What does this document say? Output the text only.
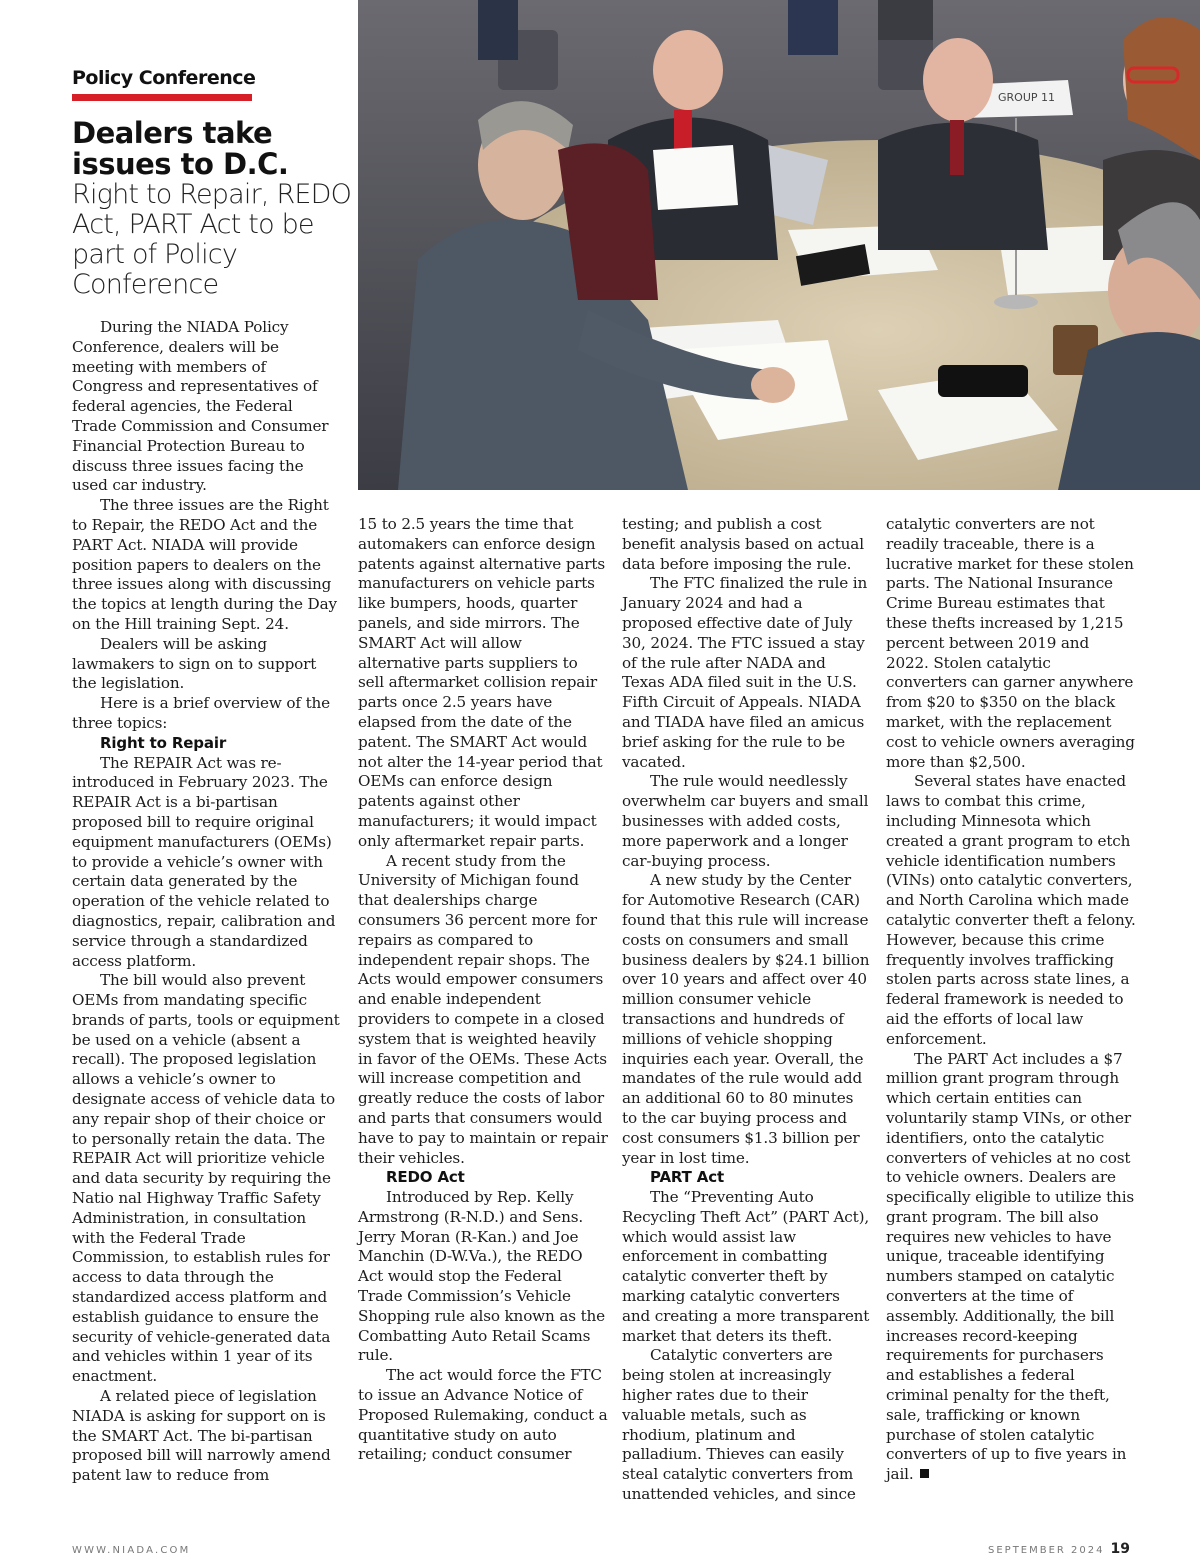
Policy Conference
Dealers take issues to D.C.
Right to Repair, REDO Act, PART Act to be part of Policy Conference
GROUP 11

During the NIADA Policy Conference, dealers will be meeting with members of Congress and representatives of federal agencies, the Federal Trade Commission and Consumer Financial Protection Bureau to discuss three issues facing the used car industry.

The three issues are the Right to Repair, the REDO Act and the PART Act. NIADA will provide position papers to dealers on the three issues along with discussing the topics at length during the Day on the Hill training Sept. 24.

Dealers will be asking lawmakers to sign on to support the legislation.

Here is a brief overview of the three topics:

Right to Repair

The REPAIR Act was re-introduced in February 2023. The REPAIR Act is a bi-partisan proposed bill to require original equipment manufacturers (OEMs) to provide a vehicle’s owner with certain data generated by the operation of the vehicle related to diagnostics, repair, calibration and service through a standardized access platform.

The bill would also prevent OEMs from mandating specific brands of parts, tools or equipment be used on a vehicle (absent a recall). The proposed legislation allows a vehicle’s owner to designate access of vehicle data to any repair shop of their choice or to personally retain the data. The REPAIR Act will prioritize vehicle and data security by requiring the Natio nal Highway Traffic Safety Administration, in consultation with the Federal Trade Commission, to establish rules for access to data through the standardized access platform and establish guidance to ensure the security of vehicle-generated data and vehicles within 1 year of its enactment.

A related piece of legislation NIADA is asking for support on is the SMART Act. The bi-partisan proposed bill will narrowly amend patent law to reduce from

15 to 2.5 years the time that automakers can enforce design patents against alternative parts manufacturers on vehicle parts like bumpers, hoods, quarter panels, and side mirrors. The SMART Act will allow alternative parts suppliers to sell aftermarket collision repair parts once 2.5 years have elapsed from the date of the patent. The SMART Act would not alter the 14-year period that OEMs can enforce design patents against other manufacturers; it would impact only aftermarket repair parts.

A recent study from the University of Michigan found that dealerships charge consumers 36 percent more for repairs as compared to independent repair shops. The Acts would empower consumers and enable independent providers to compete in a closed system that is weighted heavily in favor of the OEMs. These Acts will increase competition and greatly reduce the costs of labor and parts that consumers would have to pay to maintain or repair their vehicles.

REDO Act

Introduced by Rep. Kelly Armstrong (R-N.D.) and Sens. Jerry Moran (R-Kan.) and Joe Manchin (D-W.Va.), the REDO Act would stop the Federal Trade Commission’s Vehicle Shopping rule also known as the Combatting Auto Retail Scams rule.

The act would force the FTC to issue an Advance Notice of Proposed Rulemaking, conduct a quantitative study on auto retailing; conduct consumer

testing; and publish a cost benefit analysis based on actual data before imposing the rule.

The FTC finalized the rule in January 2024 and had a proposed effective date of July 30, 2024. The FTC issued a stay of the rule after NADA and Texas ADA filed suit in the U.S. Fifth Circuit of Appeals. NIADA and TIADA have filed an amicus brief asking for the rule to be vacated.

The rule would needlessly overwhelm car buyers and small businesses with added costs, more paperwork and a longer car-buying process.

A new study by the Center for Automotive Research (CAR) found that this rule will increase costs on consumers and small business dealers by $24.1 billion over 10 years and affect over 40 million consumer vehicle transactions and hundreds of millions of vehicle shopping inquiries each year. Overall, the mandates of the rule would add an additional 60 to 80 minutes to the car buying process and cost consumers $1.3 billion per year in lost time.

PART Act

The “Preventing Auto Recycling Theft Act” (PART Act), which would assist law enforcement in combatting catalytic converter theft by marking catalytic converters and creating a more transparent market that deters its theft.

Catalytic converters are being stolen at increasingly higher rates due to their valuable metals, such as rhodium, platinum and palladium. Thieves can easily steal catalytic converters from unattended vehicles, and since

catalytic converters are not readily traceable, there is a lucrative market for these stolen parts. The National Insurance Crime Bureau estimates that these thefts increased by 1,215 percent between 2019 and 2022. Stolen catalytic converters can garner anywhere from $20 to $350 on the black market, with the replacement cost to vehicle owners averaging more than $2,500.

Several states have enacted laws to combat this crime, including Minnesota which created a grant program to etch vehicle identification numbers (VINs) onto catalytic converters, and North Carolina which made catalytic converter theft a felony. However, because this crime frequently involves trafficking stolen parts across state lines, a federal framework is needed to aid the efforts of local law enforcement.

The PART Act includes a $7 million grant program through which certain entities can voluntarily stamp VINs, or other identifiers, onto the catalytic converters of vehicles at no cost to vehicle owners. Dealers are specifically eligible to utilize this grant program. The bill also requires new vehicles to have unique, traceable identifying numbers stamped on catalytic converters at the time of assembly. Additionally, the bill increases record-keeping requirements for purchasers and establishes a federal criminal penalty for the theft, sale, trafficking or known purchase of stolen catalytic converters of up to five years in jail.

WWW.NIADA.COM	SEPTEMBER 2024 19
